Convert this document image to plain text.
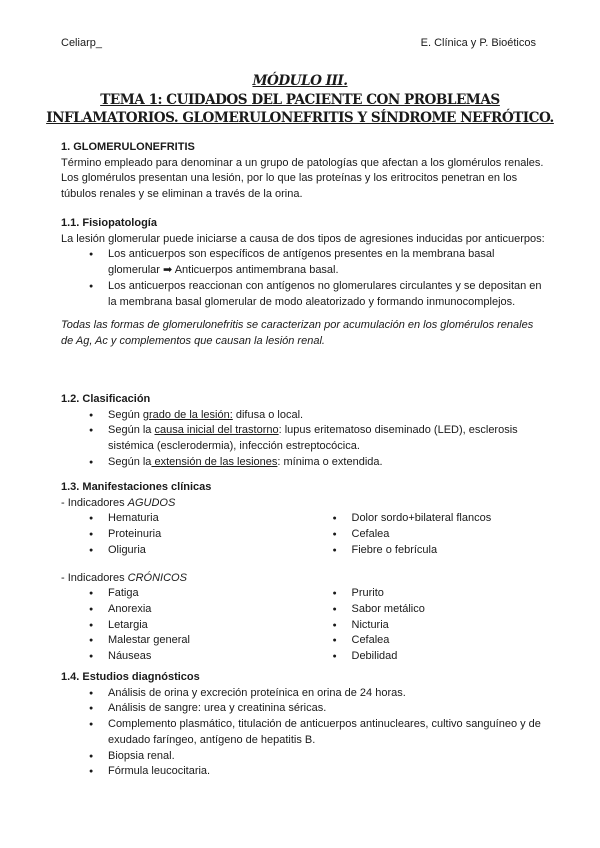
Celiarp_	E. Clínica y P. Bioéticos
MÓDULO III.
TEMA 1: CUIDADOS DEL PACIENTE CON PROBLEMAS
INFLAMATORIOS. GLOMERULONEFRITIS Y SÍNDROME NEFRÓTICO.
1. GLOMERULONEFRITIS

Término empleado para denominar a un grupo de patologías que afectan a los glomérulos renales. Los glomérulos presentan una lesión, por lo que las proteínas y los eritrocitos penetran en los túbulos renales y se eliminan a través de la orina.

1.1. Fisiopatología

La lesión glomerular puede iniciarse a causa de dos tipos de agresiones inducidas por anticuerpos:

● Los anticuerpos son específicos de antígenos presentes en la membrana basal glomerular ➡ Anticuerpos antimembrana basal.
● Los anticuerpos reaccionan con antígenos no glomerulares circulantes y se depositan en la membrana basal glomerular de modo aleatorizado y formando inmunocomplejos.

Todas las formas de glomerulonefritis se caracterizan por acumulación en los glomérulos renales de Ag, Ac y complementos que causan la lesión renal.

1.2. Clasificación
● Según grado de la lesión: difusa o local.
● Según la causa inicial del trastorno: lupus eritematoso diseminado (LED), esclerosis sistémica (esclerodermia), infección estreptocócica.
● Según la extensión de las lesiones: mínima o extendida.
1.3. Manifestaciones clínicas

- Indicadores AGUDOS

● Hematuria
● Proteinuria
● Oliguria
● Dolor sordo+bilateral flancos
● Cefalea
● Fiebre o febrícula

- Indicadores CRÓNICOS

● Fatiga
● Anorexia
● Letargia
● Malestar general
● Náuseas
● Prurito
● Sabor metálico
● Nicturia
● Cefalea
● Debilidad
1.4. Estudios diagnósticos
● Análisis de orina y excreción proteínica en orina de 24 horas.
● Análisis de sangre: urea y creatinina séricas.
● Complemento plasmático, titulación de anticuerpos antinucleares, cultivo sanguíneo y de exudado faríngeo, antígeno de hepatitis B.
● Biopsia renal.
● Fórmula leucocitaria.
